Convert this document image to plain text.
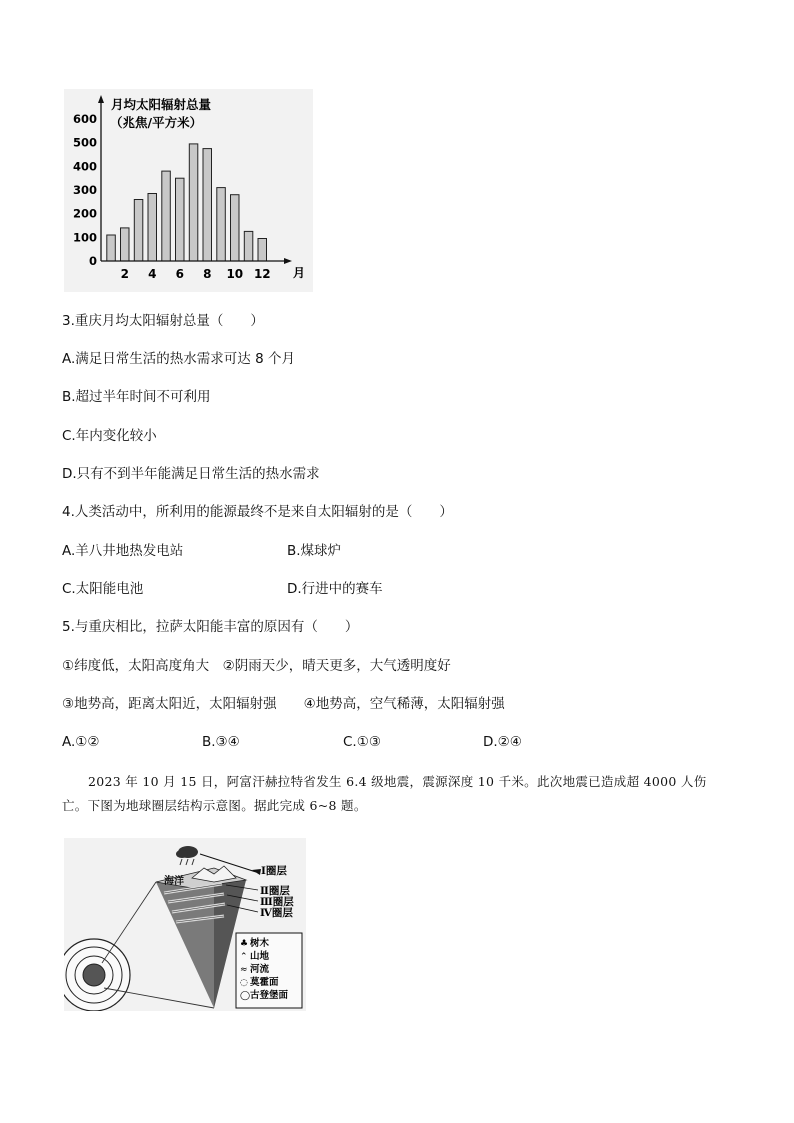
0
100
200
300
400
500
600
2 4 6 8 10 12
月均太阳辐射总量
（兆焦/平方米）
月
3.重庆月均太阳辐射总量（　　）
A.满足日常生活的热水需求可达 8 个月
B.超过半年时间不可利用
C.年内变化较小
D.只有不到半年能满足日常生活的热水需求
4.人类活动中，所利用的能源最终不是来自太阳辐射的是（　　）
A.羊八井地热发电站	B.煤球炉
C.太阳能电池	D.行进中的赛车
5.与重庆相比，拉萨太阳能丰富的原因有（　　）
①纬度低，太阳高度角大　②阴雨天少，晴天更多，大气透明度好
③地势高，距离太阳近，太阳辐射强　　④地势高，空气稀薄，太阳辐射强
A.①②	B.③④	C.①③	D.②④
2023 年 10 月 15 日，阿富汗赫拉特省发生 6.4 级地震，震源深度 10 千米。此次地震已造成超 4000 人伤亡。下图为地球圈层结构示意图。据此完成 6~8 题。
海洋
Ⅰ圈层
Ⅱ圈层
Ⅲ圈层
Ⅳ圈层
♣
⌃
≈
◌
◯
树木
山地
河流
莫霍面
古登堡面
